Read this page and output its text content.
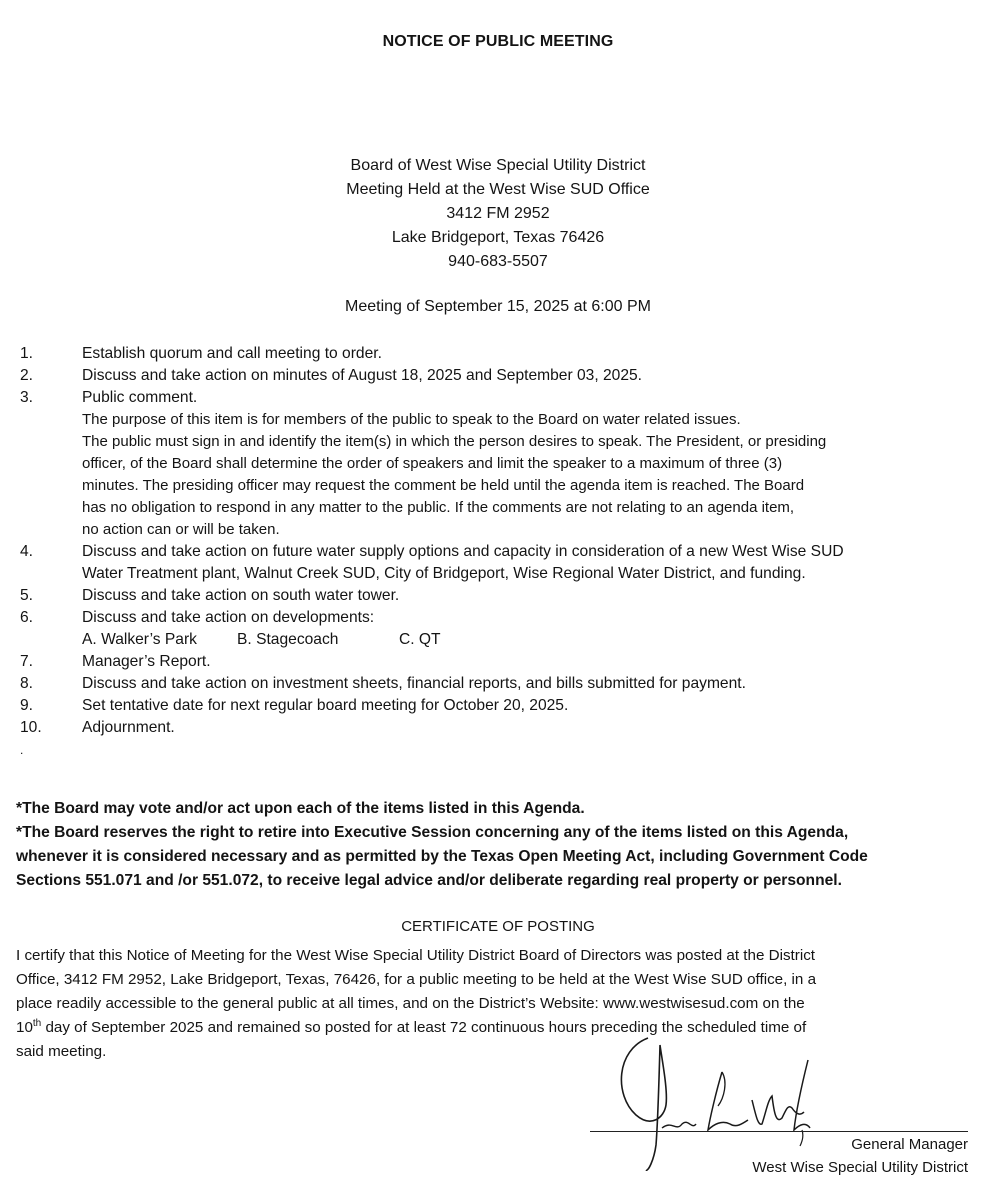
NOTICE OF PUBLIC MEETING
Board of West Wise Special Utility District
Meeting Held at the West Wise SUD Office
3412 FM 2952
Lake Bridgeport, Texas 76426
940-683-5507
Meeting of September 15, 2025 at 6:00 PM
1.	Establish quorum and call meeting to order.
2.	Discuss and take action on minutes of August 18, 2025 and September 03, 2025.
3.	Public comment.
The purpose of this item is for members of the public to speak to the Board on water related issues.
The public must sign in and identify the item(s) in which the person desires to speak. The President, or presiding
officer, of the Board shall determine the order of speakers and limit the speaker to a maximum of three (3)
minutes. The presiding officer may request the comment be held until the agenda item is reached. The Board
has no obligation to respond in any matter to the public. If the comments are not relating to an agenda item,
no action can or will be taken.
4.	Discuss and take action on future water supply options and capacity in consideration of a new West Wise SUD
Water Treatment plant, Walnut Creek SUD, City of Bridgeport, Wise Regional Water District, and funding.
5.	Discuss and take action on south water tower.
6.	Discuss and take action on developments:
A. Walker’s Park	B. Stagecoach	C. QT
7.	Manager’s Report.
8.	Discuss and take action on investment sheets, financial reports, and bills submitted for payment.
9.	Set tentative date for next regular board meeting for October 20, 2025.
10.	Adjournment.
.
*The Board may vote and/or act upon each of the items listed in this Agenda.
*The Board reserves the right to retire into Executive Session concerning any of the items listed on this Agenda,
whenever it is considered necessary and as permitted by the Texas Open Meeting Act, including Government Code
Sections 551.071 and /or 551.072, to receive legal advice and/or deliberate regarding real property or personnel.
CERTIFICATE OF POSTING
I certify that this Notice of Meeting for the West Wise Special Utility District Board of Directors was posted at the District
Office, 3412 FM 2952, Lake Bridgeport, Texas, 76426, for a public meeting to be held at the West Wise SUD office, in a
place readily accessible to the general public at all times, and on the District’s Website: www.westwisesud.com on the
10th day of September 2025 and remained so posted for at least 72 continuous hours preceding the scheduled time of
said meeting.
General Manager
West Wise Special Utility District
